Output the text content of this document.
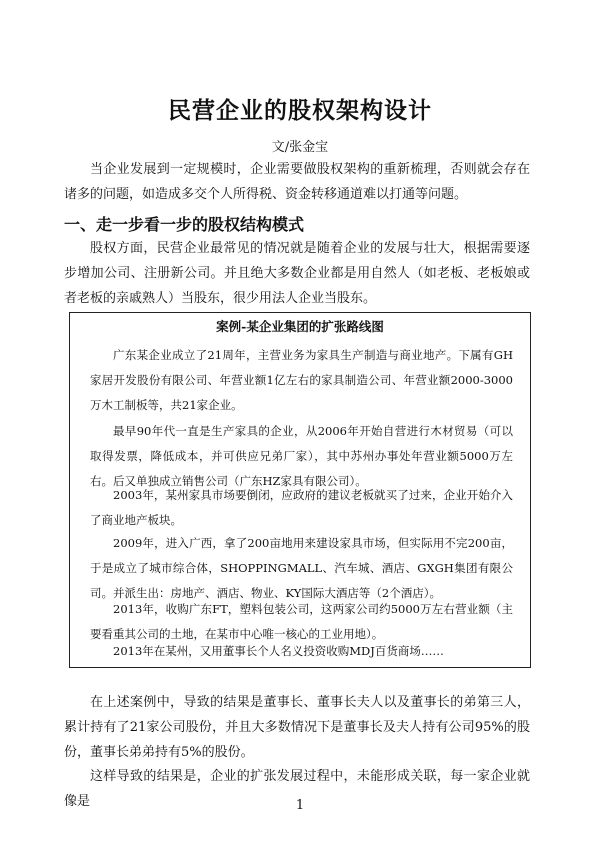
民营企业的股权架构设计
文/张金宝
当企业发展到一定规模时，企业需要做股权架构的重新梳理，否则就会存在诸多的问题，如造成多交个人所得税、资金转移通道难以打通等问题。
一、走一步看一步的股权结构模式
股权方面，民营企业最常见的情况就是随着企业的发展与壮大，根据需要逐步增加公司、注册新公司。并且绝大多数企业都是用自然人（如老板、老板娘或者老板的亲戚熟人）当股东，很少用法人企业当股东。
案例-某企业集团的扩张路线图
广东某企业成立了21周年，主营业务为家具生产制造与商业地产。下属有GH家居开发股份有限公司、年营业额1亿左右的家具制造公司、年营业额2000-3000万木工制板等，共21家企业。
最早90年代一直是生产家具的企业，从2006年开始自营进行木材贸易（可以取得发票，降低成本，并可供应兄弟厂家），其中苏州办事处年营业额5000万左右。后又单独成立销售公司（广东HZ家具有限公司）。
2003年，某州家具市场要倒闭，应政府的建议老板就买了过来，企业开始介入了商业地产板块。
2009年，进入广西，拿了200亩地用来建设家具市场，但实际用不完200亩，于是成立了城市综合体，SHOPPINGMALL、汽车城、酒店、GXGH集团有限公司。并派生出：房地产、酒店、物业、KY国际大酒店等（2个酒店）。
2013年，收购广东FT，塑料包装公司，这两家公司约5000万左右营业额（主要看重其公司的土地，在某市中心唯一核心的工业用地）。
2013年在某州，又用董事长个人名义投资收购MDJ百货商场……
在上述案例中，导致的结果是董事长、董事长夫人以及董事长的弟第三人，累计持有了21家公司股份，并且大多数情况下是董事长及夫人持有公司95%的股份，董事长弟弟持有5%的股份。
这样导致的结果是，企业的扩张发展过程中，未能形成关联，每一家企业就像是	1
